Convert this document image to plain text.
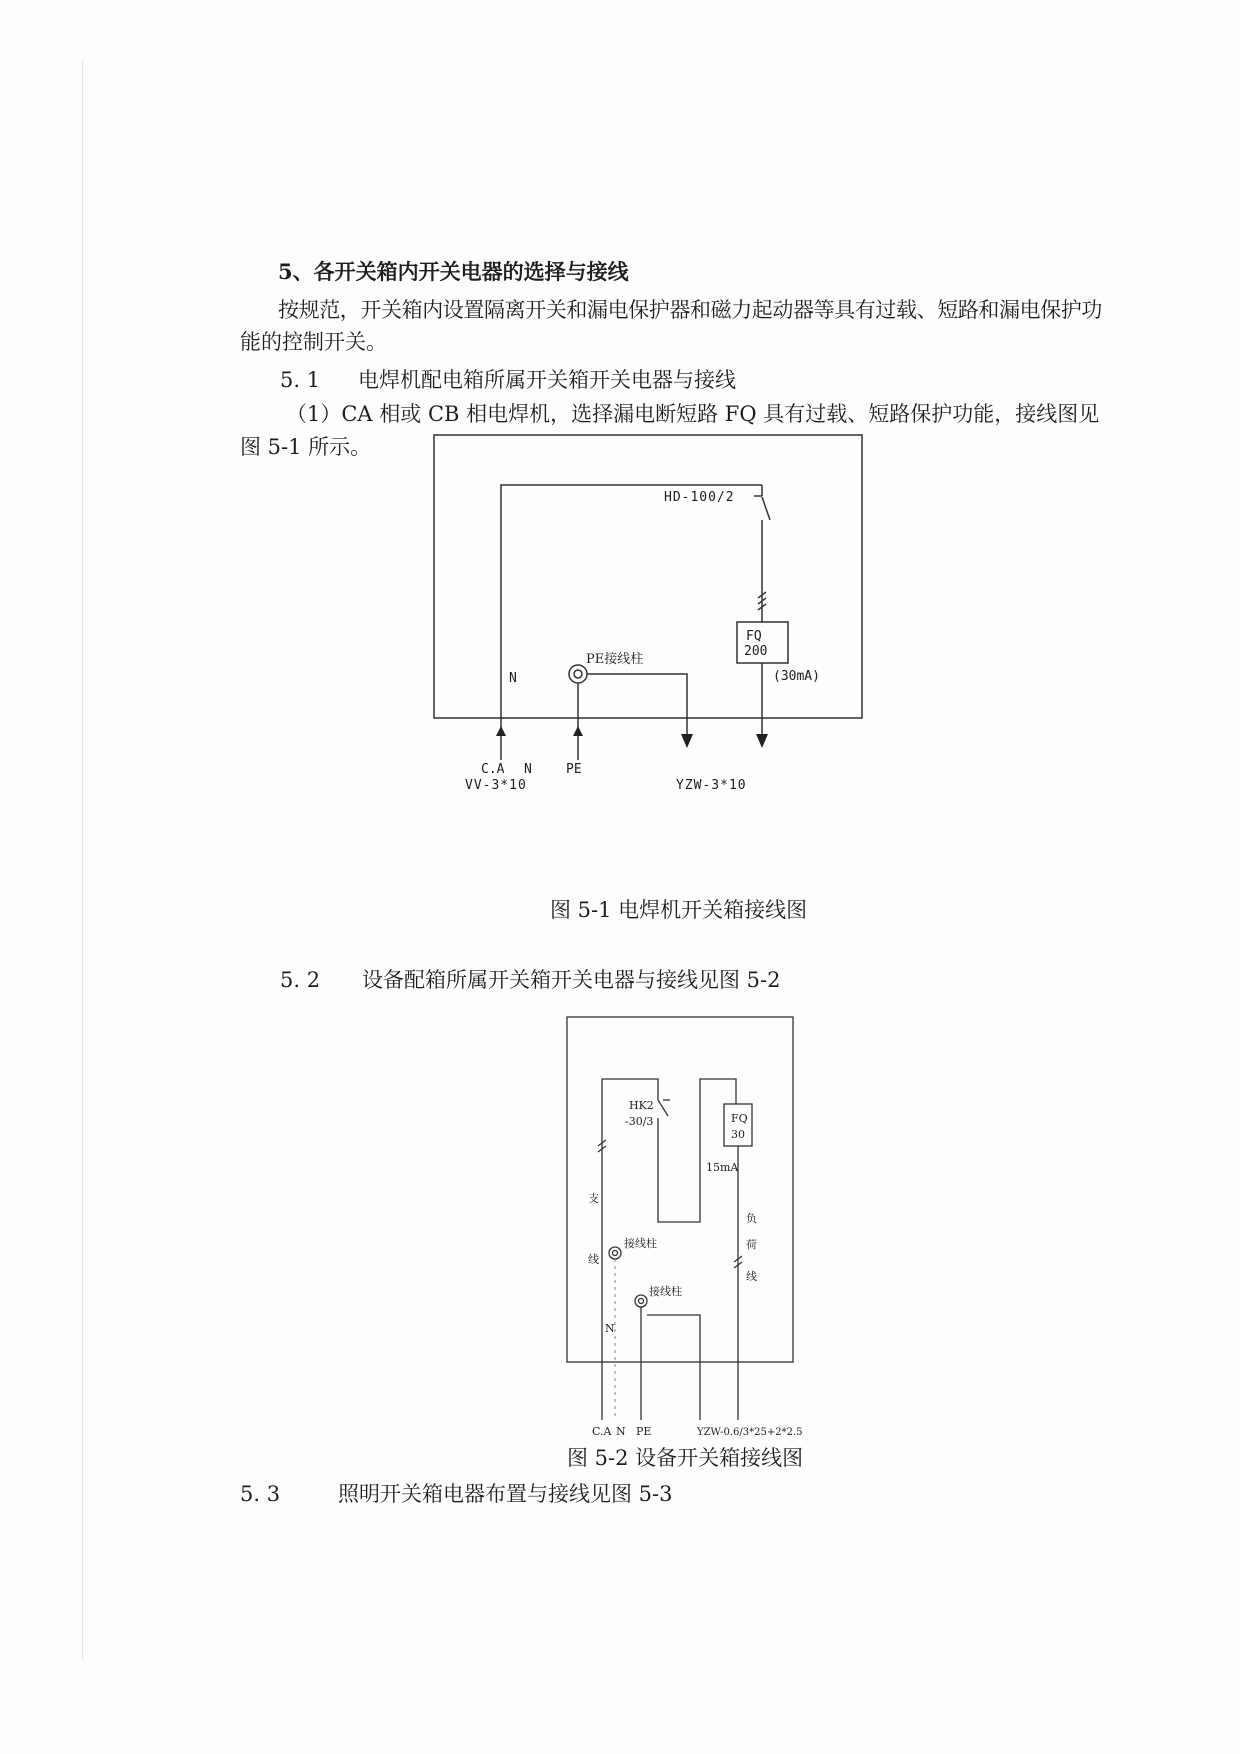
5、各开关箱内开关电器的选择与接线
按规范，开关箱内设置隔离开关和漏电保护器和磁力起动器等具有过载、短路和漏电保护功
能的控制开关。
5. 1 电焊机配电箱所属开关箱开关电器与接线
（1）CA 相或 CB 相电焊机，选择漏电断短路 FQ 具有过载、短路保护功能，接线图见
图 5-1 所示。
HD-100/2
FQ
200
(30mA)
N
C.A N	PE
VV-3*10	YZW-3*10
PE接线柱
图 5-1 电焊机开关箱接线图
5. 2 设备配箱所属开关箱开关电器与接线见图 5-2
HK2
-30/3	FQ
30
15mA
支
线
负
荷
线
接线柱
接线柱
N
C.A N PE	YZW-0.6/3*25+2*2.5
图 5-2 设备开关箱接线图
5. 3	照明开关箱电器布置与接线见图 5-3
